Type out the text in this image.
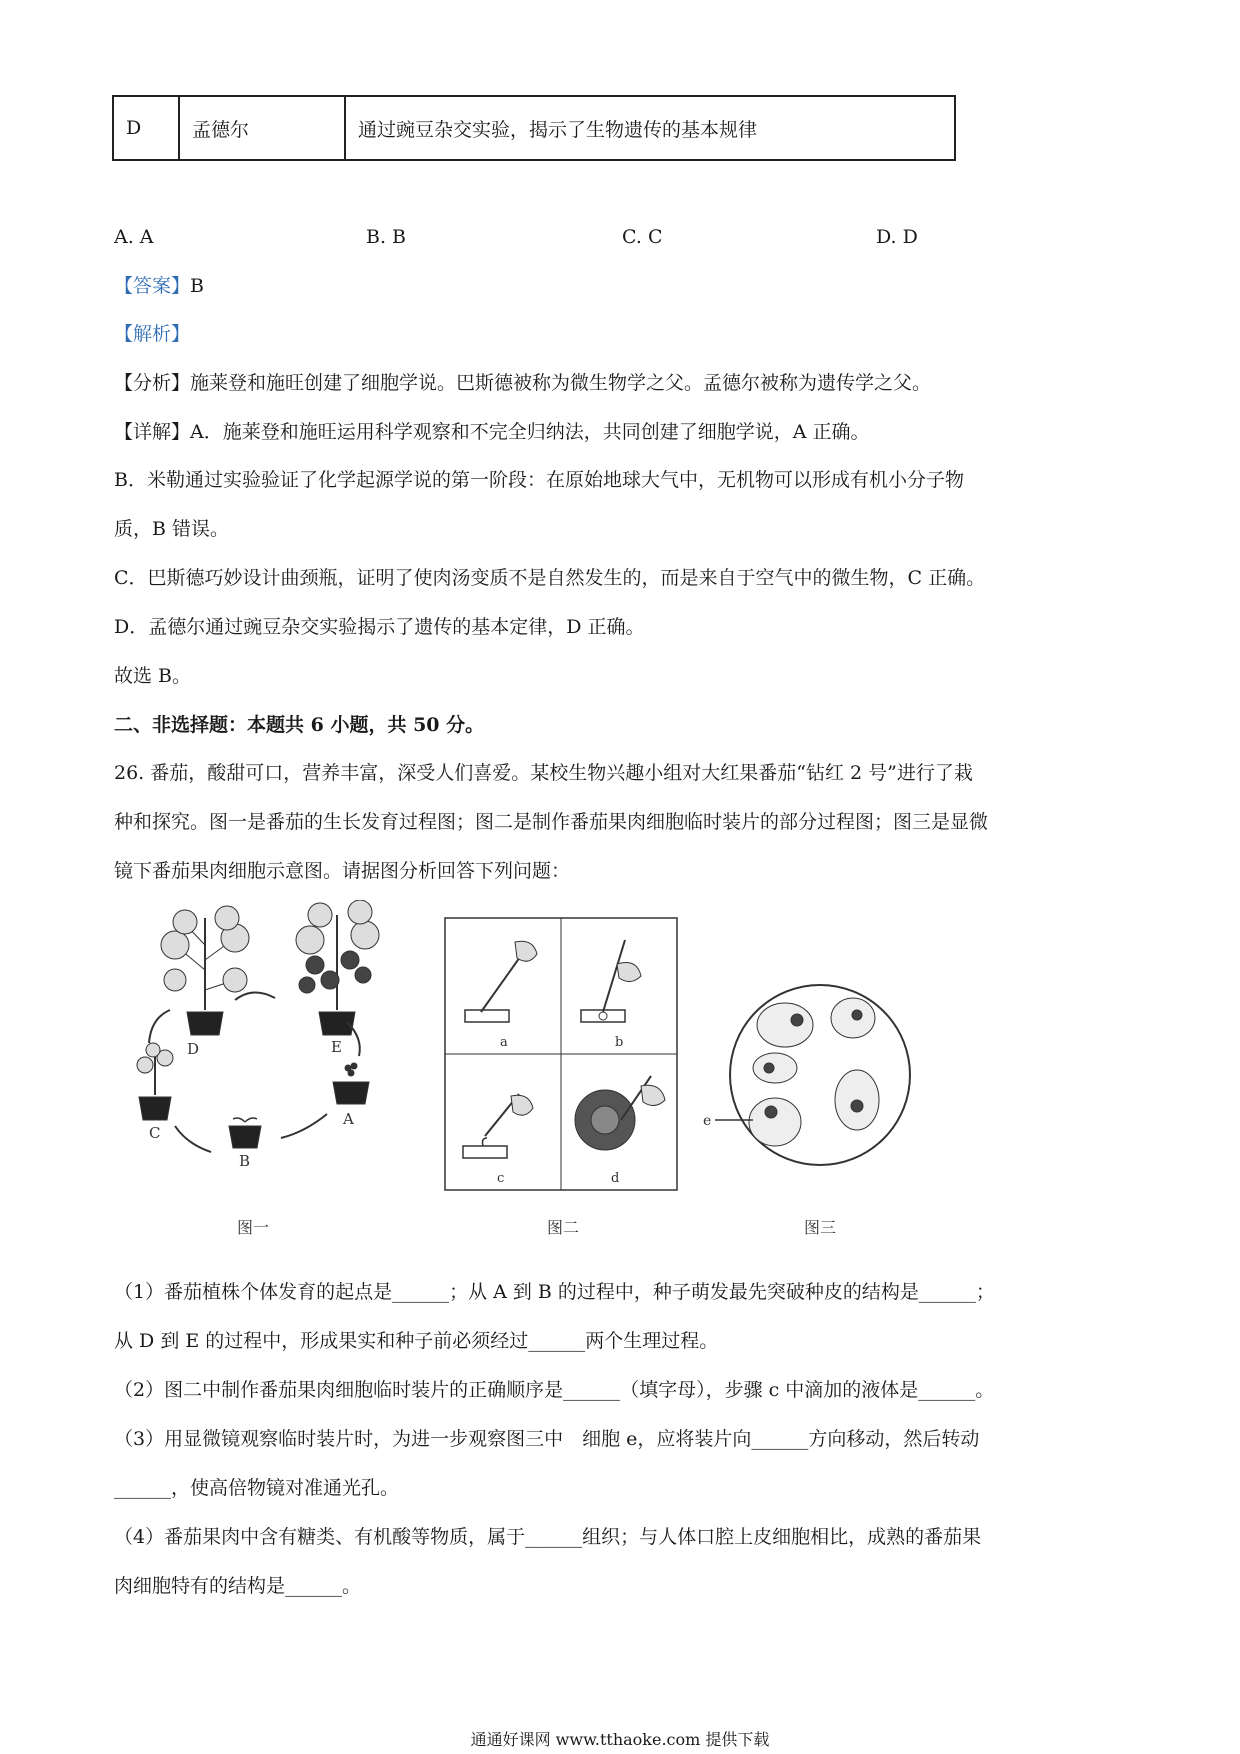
D	孟德尔	通过豌豆杂交实验，揭示了生物遗传的基本规律
A. A	B. B	C. C	D. D
【答案】B
【解析】
【分析】施莱登和施旺创建了细胞学说。巴斯德被称为微生物学之父。孟德尔被称为遗传学之父。
【详解】A．施莱登和施旺运用科学观察和不完全归纳法，共同创建了细胞学说，A 正确。
B．米勒通过实验验证了化学起源学说的第一阶段：在原始地球大气中，无机物可以形成有机小分子物
质，B 错误。
C．巴斯德巧妙设计曲颈瓶，证明了使肉汤变质不是自然发生的，而是来自于空气中的微生物，C 正确。
D．孟德尔通过豌豆杂交实验揭示了遗传的基本定律，D 正确。
故选 B。
二、非选择题：本题共 6 小题，共 50 分。
26. 番茄，酸甜可口，营养丰富，深受人们喜爱。某校生物兴趣小组对大红果番茄“钻红 2 号”进行了栽
种和探究。图一是番茄的生长发育过程图；图二是制作番茄果肉细胞临时装片的部分过程图；图三是显微
镜下番茄果肉细胞示意图。请据图分析回答下列问题：
D	E
A
B
C
图一
a	b
c	d
图二
e
图三
（1）番茄植株个体发育的起点是______；从 A 到 B 的过程中，种子萌发最先突破种皮的结构是______；
从 D 到 E 的过程中，形成果实和种子前必须经过______两个生理过程。
（2）图二中制作番茄果肉细胞临时装片的正确顺序是______（填字母），步骤 c 中滴加的液体是______。
（3）用显微镜观察临时装片时，为进一步观察图三中　细胞 e，应将装片向______方向移动，然后转动
______，使高倍物镜对准通光孔。
（4）番茄果肉中含有糖类、有机酸等物质，属于______组织；与人体口腔上皮细胞相比，成熟的番茄果
肉细胞特有的结构是______。
通通好课网 www.tthaoke.com 提供下载
